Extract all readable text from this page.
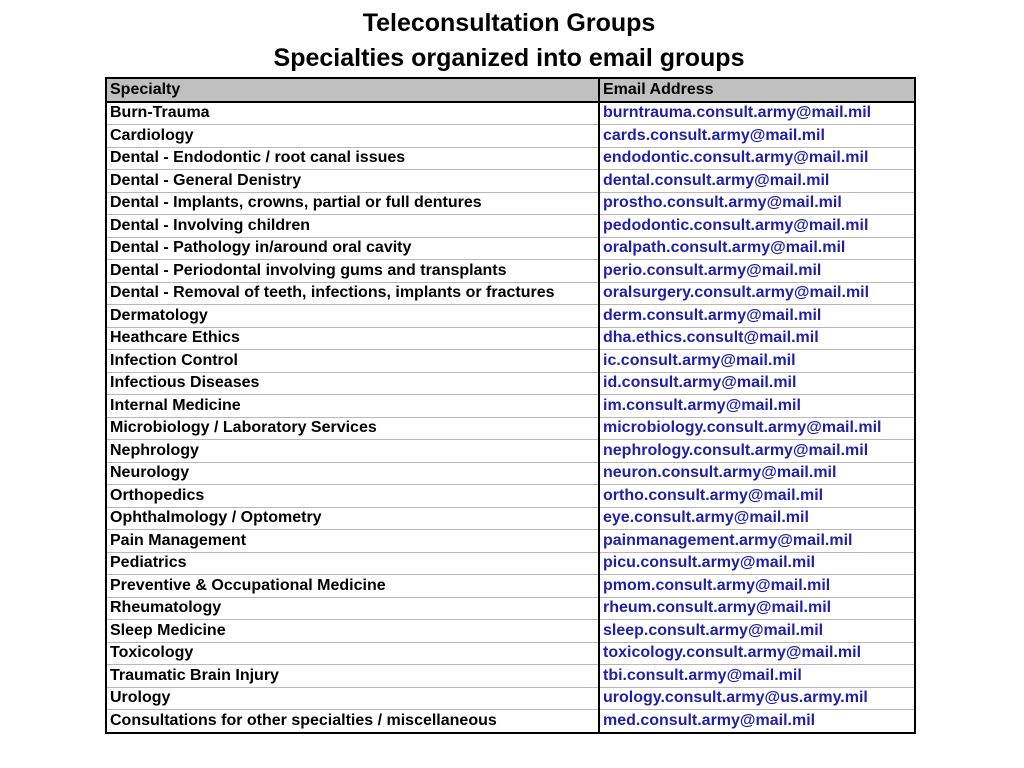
Teleconsultation Groups
Specialties organized into email groups
Specialty	Email Address
Burn-Trauma	burntrauma.consult.army@mail.mil
Cardiology	cards.consult.army@mail.mil
Dental - Endodontic / root canal issues	endodontic.consult.army@mail.mil
Dental - General Denistry	dental.consult.army@mail.mil
Dental - Implants, crowns, partial or full dentures	prostho.consult.army@mail.mil
Dental - Involving children	pedodontic.consult.army@mail.mil
Dental - Pathology in/around oral cavity	oralpath.consult.army@mail.mil
Dental - Periodontal involving gums and transplants	perio.consult.army@mail.mil
Dental - Removal of teeth, infections, implants or fractures	oralsurgery.consult.army@mail.mil
Dermatology	derm.consult.army@mail.mil
Heathcare Ethics	dha.ethics.consult@mail.mil
Infection Control	ic.consult.army@mail.mil
Infectious Diseases	id.consult.army@mail.mil
Internal Medicine	im.consult.army@mail.mil
Microbiology / Laboratory Services	microbiology.consult.army@mail.mil
Nephrology	nephrology.consult.army@mail.mil
Neurology	neuron.consult.army@mail.mil
Orthopedics	ortho.consult.army@mail.mil
Ophthalmology / Optometry	eye.consult.army@mail.mil
Pain Management	painmanagement.army@mail.mil
Pediatrics	picu.consult.army@mail.mil
Preventive & Occupational Medicine	pmom.consult.army@mail.mil
Rheumatology	rheum.consult.army@mail.mil
Sleep Medicine	sleep.consult.army@mail.mil
Toxicology	toxicology.consult.army@mail.mil
Traumatic Brain Injury	tbi.consult.army@mail.mil
Urology	urology.consult.army@us.army.mil
Consultations for other specialties / miscellaneous	med.consult.army@mail.mil
